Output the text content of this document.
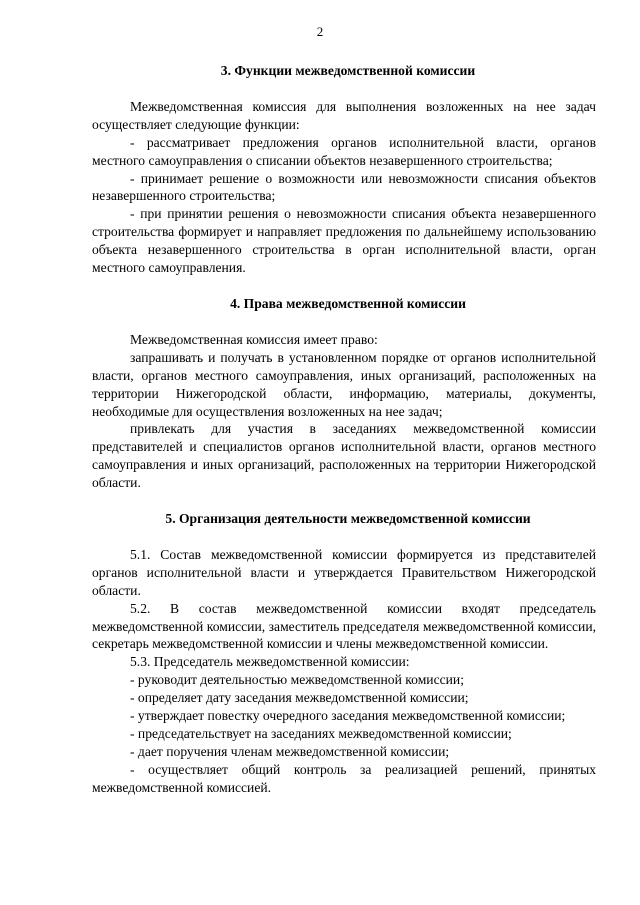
2
3. Функции межведомственной комиссии

Межведомственная комиссия для выполнения возложенных на нее задач осуществляет следующие функции:

- рассматривает предложения органов исполнительной власти, органов местного самоуправления о списании объектов незавершенного строительства;

- принимает решение о возможности или невозможности списания объектов незавершенного строительства;

- при принятии решения о невозможности списания объекта незавершенного строительства формирует и направляет предложения по дальнейшему использованию объекта незавершенного строительства в орган исполнительной власти, орган местного самоуправления.

4. Права межведомственной комиссии

Межведомственная комиссия имеет право:

запрашивать и получать в установленном порядке от органов исполнительной власти, органов местного самоуправления, иных организаций, расположенных на территории Нижегородской области, информацию, материалы, документы, необходимые для осуществления возложенных на нее задач;

привлекать для участия в заседаниях межведомственной комиссии представителей и специалистов органов исполнительной власти, органов местного самоуправления и иных организаций, расположенных на территории Нижегородской области.

5. Организация деятельности межведомственной комиссии

5.1. Состав межведомственной комиссии формируется из представителей органов исполнительной власти и утверждается Правительством Нижегородской области.

5.2. В состав межведомственной комиссии входят председатель межведомственной комиссии, заместитель председателя межведомственной комиссии, секретарь межведомственной комиссии и члены межведомственной комиссии.

5.3. Председатель межведомственной комиссии:

- руководит деятельностью межведомственной комиссии;

- определяет дату заседания межведомственной комиссии;

- утверждает повестку очередного заседания межведомственной комиссии;

- председательствует на заседаниях межведомственной комиссии;

- дает поручения членам межведомственной комиссии;

- осуществляет общий контроль за реализацией решений, принятых межведомственной комиссией.
